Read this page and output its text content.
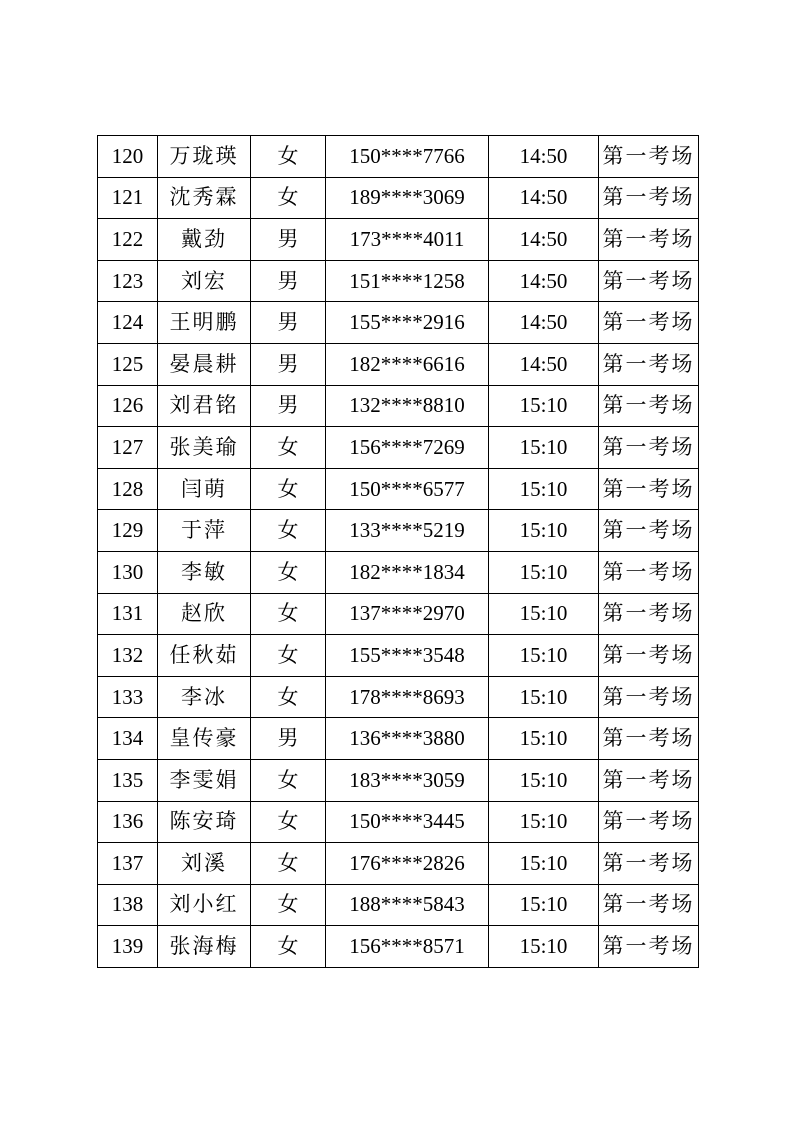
120	万珑瑛	女	150****7766	14:50	第一考场
121	沈秀霖	女	189****3069	14:50	第一考场
122	戴劲	男	173****4011	14:50	第一考场
123	刘宏	男	151****1258	14:50	第一考场
124	王明鹏	男	155****2916	14:50	第一考场
125	晏晨耕	男	182****6616	14:50	第一考场
126	刘君铭	男	132****8810	15:10	第一考场
127	张美瑜	女	156****7269	15:10	第一考场
128	闫萌	女	150****6577	15:10	第一考场
129	于萍	女	133****5219	15:10	第一考场
130	李敏	女	182****1834	15:10	第一考场
131	赵欣	女	137****2970	15:10	第一考场
132	任秋茹	女	155****3548	15:10	第一考场
133	李冰	女	178****8693	15:10	第一考场
134	皇传豪	男	136****3880	15:10	第一考场
135	李雯娟	女	183****3059	15:10	第一考场
136	陈安琦	女	150****3445	15:10	第一考场
137	刘溪	女	176****2826	15:10	第一考场
138	刘小红	女	188****5843	15:10	第一考场
139	张海梅	女	156****8571	15:10	第一考场
